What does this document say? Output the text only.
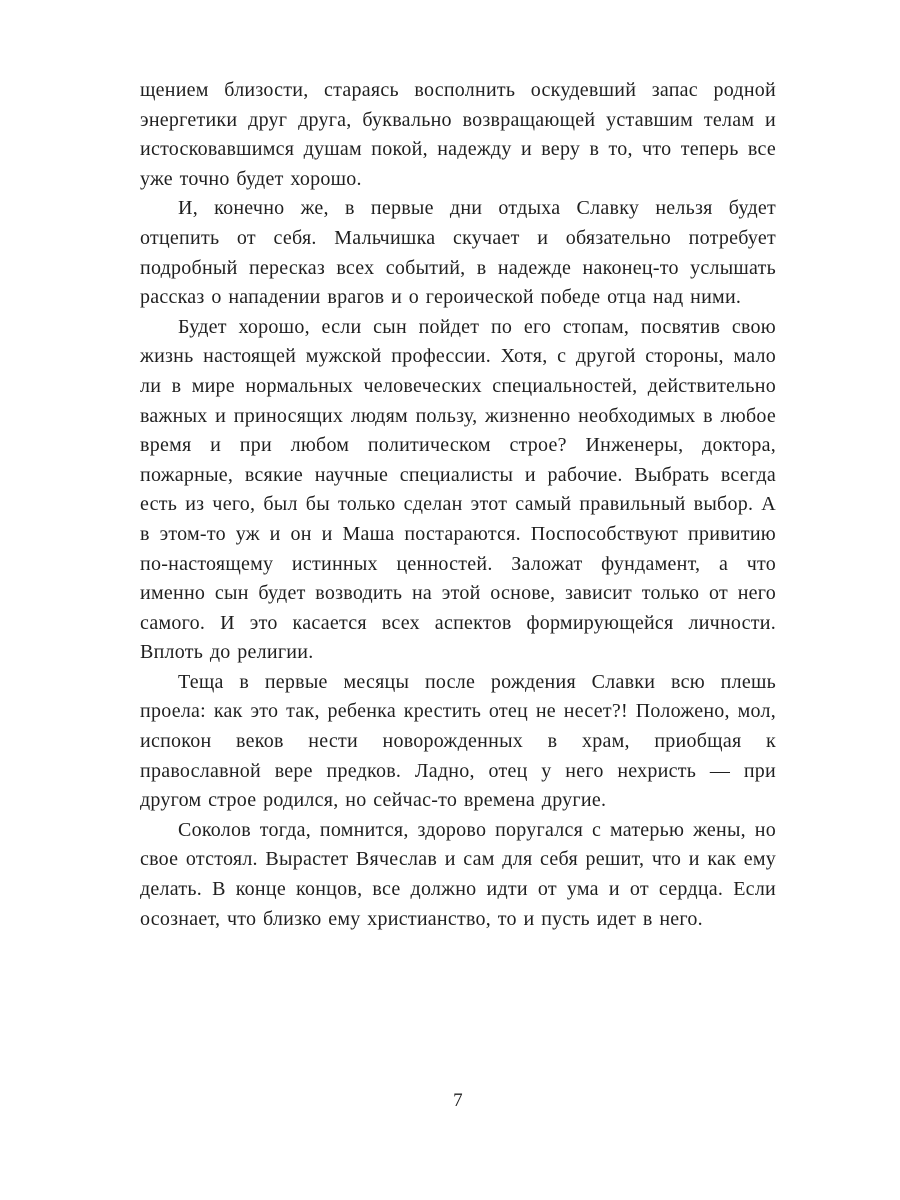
щением близости, стараясь восполнить оскудевший запас родной энергетики друг друга, буквально возвращающей уставшим телам и истосковавшимся душам покой, надежду и веру в то, что теперь все уже точно будет хорошо.

И, конечно же, в первые дни отдыха Славку нельзя будет отцепить от себя. Мальчишка скучает и обязательно потребует подробный пересказ всех событий, в надежде наконец-то услышать рассказ о нападении врагов и о героической победе отца над ними.

Будет хорошо, если сын пойдет по его стопам, посвятив свою жизнь настоящей мужской профессии. Хотя, с другой стороны, мало ли в мире нормальных человеческих специальностей, действительно важных и приносящих людям пользу, жизненно необходимых в любое время и при любом политическом строе? Инженеры, доктора, пожарные, всякие научные специалисты и рабочие. Выбрать всегда есть из чего, был бы только сделан этот самый правильный выбор. А в этом-то уж и он и Маша постараются. Поспособствуют привитию по-настоящему истинных ценностей. Заложат фундамент, а что именно сын будет возводить на этой основе, зависит только от него самого. И это касается всех аспектов формирующейся личности. Вплоть до религии.

Теща в первые месяцы после рождения Славки всю плешь проела: как это так, ребенка крестить отец не несет?! Положено, мол, испокон веков нести новорожденных в храм, приобщая к православной вере предков. Ладно, отец у него нехристь — при другом строе родился, но сейчас-то времена другие.

Соколов тогда, помнится, здорово поругался с матерью жены, но свое отстоял. Вырастет Вячеслав и сам для себя решит, что и как ему делать. В конце концов, все должно идти от ума и от сердца. Если осознает, что близко ему христианство, то и пусть идет в него.

7
